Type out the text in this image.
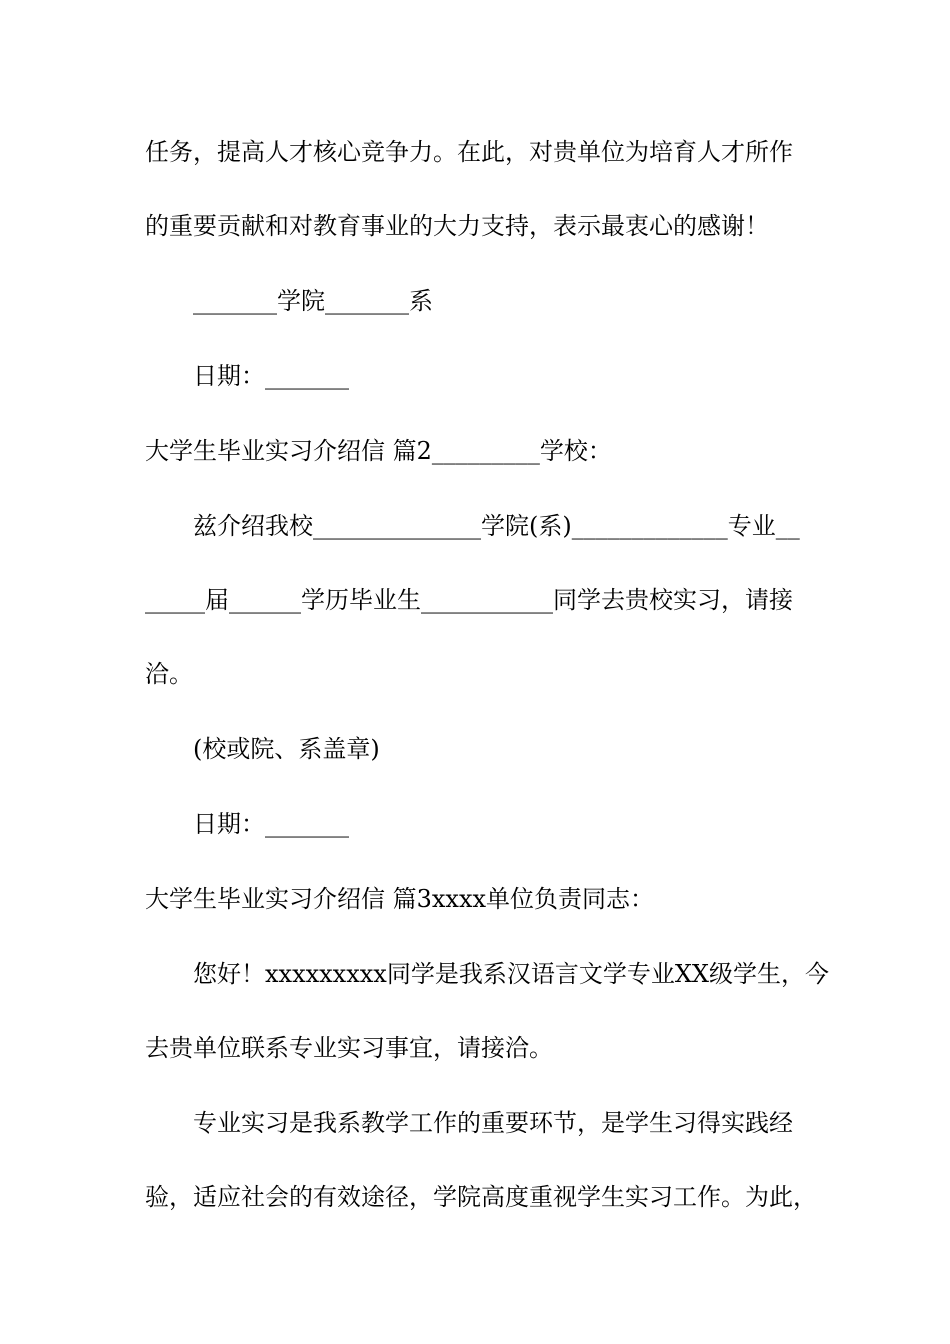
任务，提高人才核心竞争力。在此，对贵单位为培育人才所作
的重要贡献和对教育事业的大力支持，表示最衷心的感谢！
_______学院_______系
日期：_______
大学生毕业实习介绍信 篇2_________学校：
兹介绍我校______________学院(系)_____________专业__
_____届______学历毕业生___________同学去贵校实习，请接
洽。
(校或院、系盖章)
日期：_______
大学生毕业实习介绍信 篇3xxxx单位负责同志：
您好！xxxxxxxxx同学是我系汉语言文学专业XX级学生，今
去贵单位联系专业实习事宜，请接洽。
专业实习是我系教学工作的重要环节，是学生习得实践经
验，适应社会的有效途径，学院高度重视学生实习工作。为此，
